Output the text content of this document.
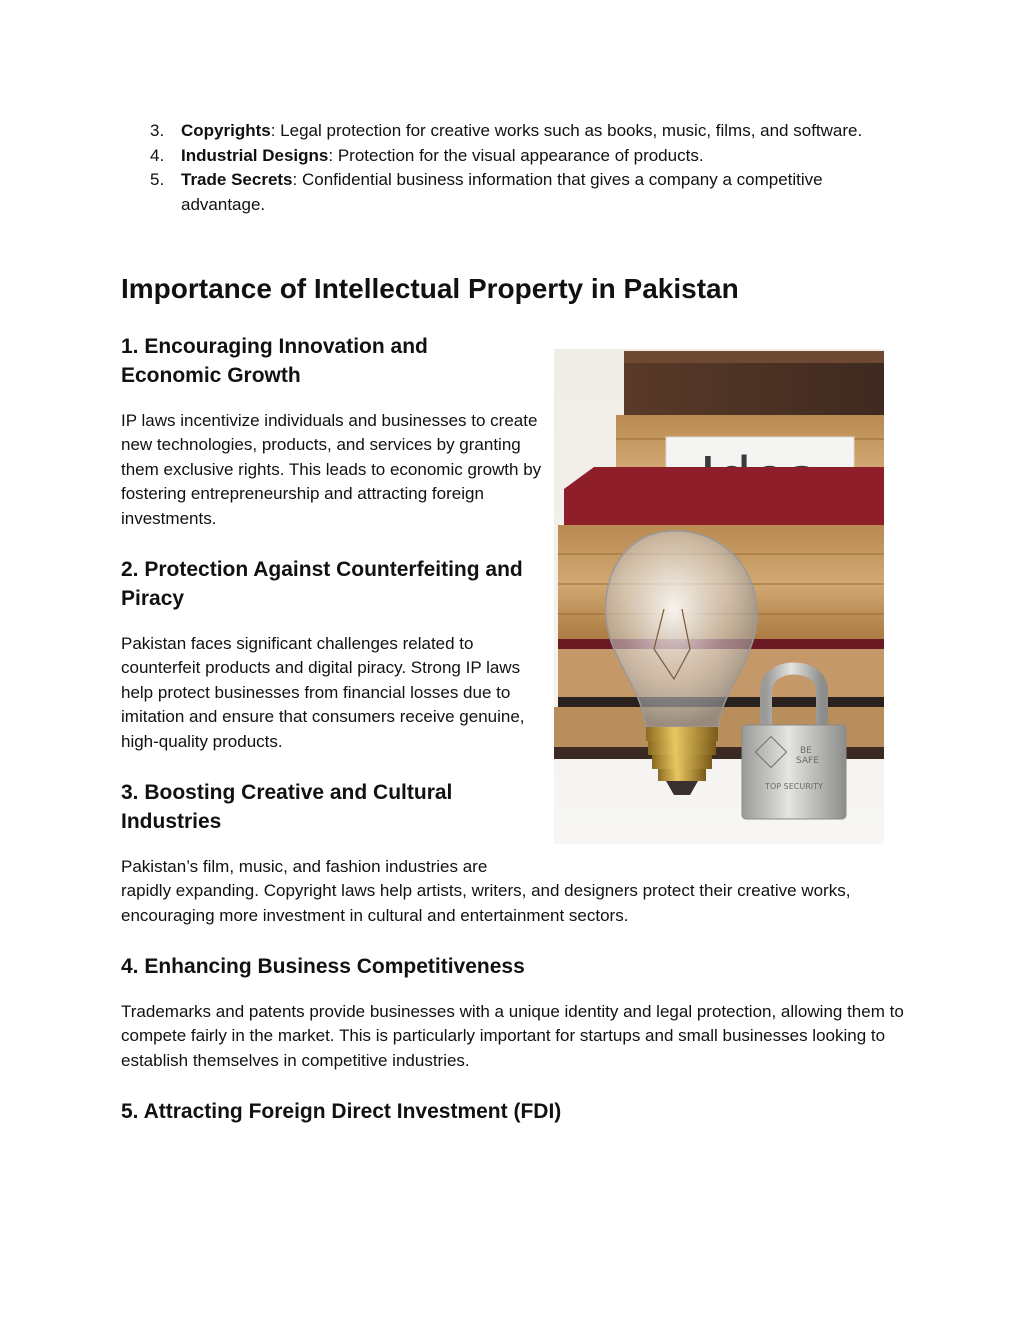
3. Copyrights: Legal protection for creative works such as books, music, films, and software.
4. Industrial Designs: Protection for the visual appearance of products.
5. Trade Secrets: Confidential business information that gives a company a competitive advantage.
Importance of Intellectual Property in Pakistan
1. Encouraging Innovation and
Economic Growth

IP laws incentivize individuals and businesses to create new technologies, products, and services by granting them exclusive rights. This leads to economic growth by fostering entrepreneurship and attracting foreign investments.

2. Protection Against Counterfeiting and
Piracy

Pakistan faces significant challenges related to counterfeit products and digital piracy. Strong IP laws help protect businesses from financial losses due to imitation and ensure that consumers receive genuine, high-quality products.

3. Boosting Creative and Cultural
Industries

Pakistan’s film, music, and fashion industries are
rapidly expanding. Copyright laws help artists, writers, and designers protect their creative works, encouraging more investment in cultural and entertainment sectors.

4. Enhancing Business Competitiveness

Trademarks and patents provide businesses with a unique identity and legal protection, allowing them to compete fairly in the market. This is particularly important for startups and small businesses looking to establish themselves in competitive industries.

5. Attracting Foreign Direct Investment (FDI)
BE
SAFE
TOP SECURITY
